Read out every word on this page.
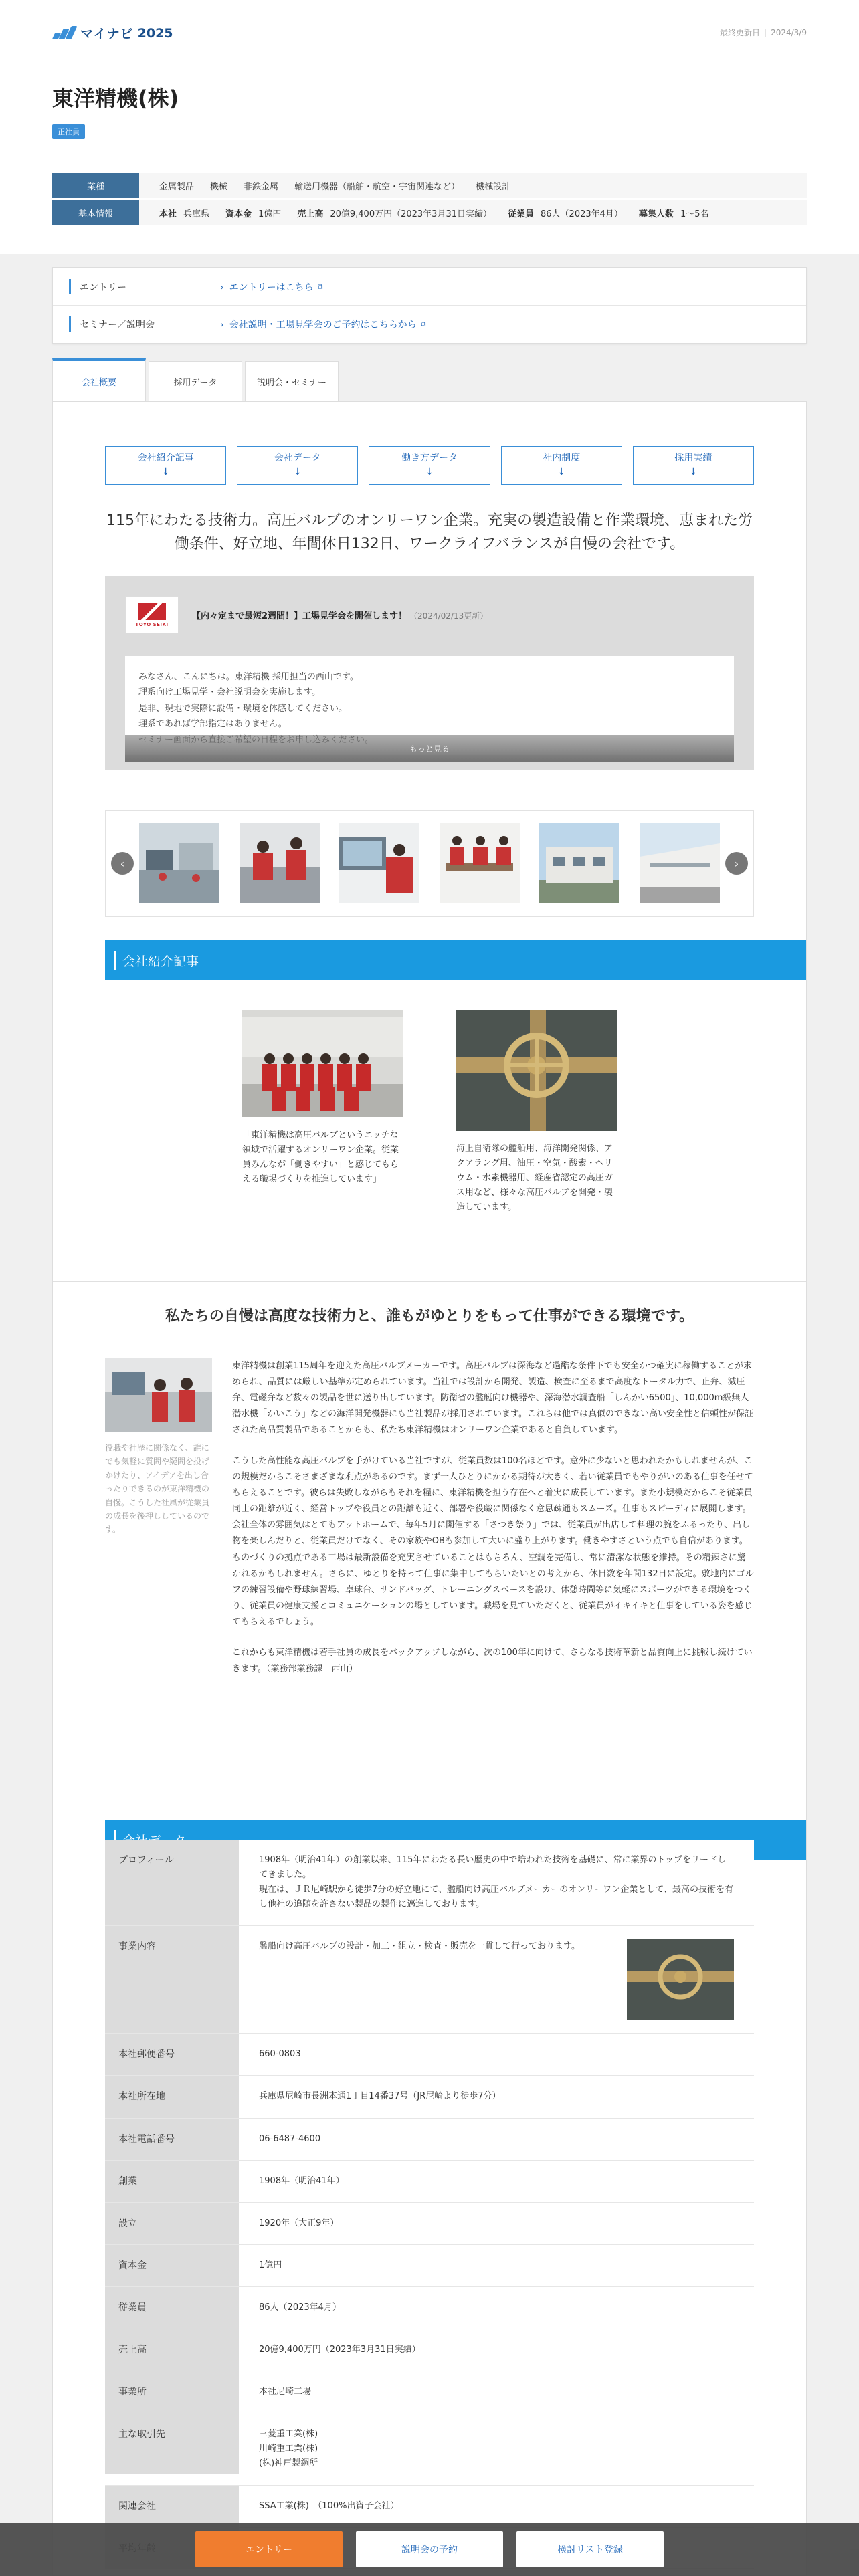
マイナビ 2025	最終更新日 | 2024/3/9
東洋精機(株)
正社員
業種	金属製品 機械 非鉄金属 輸送用機器（船舶・航空・宇宙関連など） 機械設計
基本情報	本社 兵庫県 資本金 1億円 売上高 20億9,400万円（2023年3月31日実績） 従業員 86人（2023年4月） 募集人数 1～5名
エントリー	› エントリーはこちら ⧉
セミナー／説明会	› 会社説明・工場見学会のご予約はこちらから ⧉
会社概要	採用データ	説明会・セミナー
会社紹介記事
↓
会社データ
↓
働き方データ
↓
社内制度
↓
採用実績
↓

115年にわたる技術力。高圧バルブのオンリーワン企業。充実の製造設備と作業環境、恵まれた労働条件、好立地、年間休日132日、ワークライフバランスが自慢の会社です。

TOYO SEIKI
【内々定まで最短2週間！】工場見学会を開催します！ （2024/02/13更新）
みなさん、こんにちは。東洋精機 採用担当の西山です。
理系向け工場見学・会社説明会を実施します。
是非、現地で実際に設備・環境を体感してください。
理系であれば学部指定はありません。
もっと見る
‹	›
会社紹介記事

「東洋精機は高圧バルブというニッチな領域で活躍するオンリーワン企業。従業員みんなが「働きやすい」と感じてもらえる職場づくりを推進しています」

海上自衛隊の艦船用、海洋開発関係、アクアラング用、油圧・空気・酸素・ヘリウム・水素機器用、経産省認定の高圧ガス用など、様々な高圧バルブを開発・製造しています。

私たちの自慢は高度な技術力と、誰もがゆとりをもって仕事ができる環境です。

役職や社歴に関係なく、誰にでも気軽に質問や疑問を投げかけたり、アイデアを出し合ったりできるのが東洋精機の自慢。こうした社風が従業員の成長を後押ししているのです。

東洋精機は創業115周年を迎えた高圧バルブメーカーです。高圧バルブは深海など過酷な条件下でも安全かつ確実に稼働することが求められ、品質には厳しい基準が定められています。当社では設計から開発、製造、検査に至るまで高度なトータル力で、止弁、減圧弁、電磁弁など数々の製品を世に送り出しています。防衛省の艦艇向け機器や、深海潜水調査船「しんかい6500」、10,000m級無人潜水機「かいこう」などの海洋開発機器にも当社製品が採用されています。これらは他では真似のできない高い安全性と信頼性が保証された高品質製品であることからも、私たち東洋精機はオンリーワン企業であると自負しています。

こうした高性能な高圧バルブを手がけている当社ですが、従業員数は100名ほどです。意外に少ないと思われたかもしれませんが、この規模だからこそさまざまな利点があるのです。まず一人ひとりにかかる期待が大きく、若い従業員でもやりがいのある仕事を任せてもらえることです。彼らは失敗しながらもそれを糧に、東洋精機を担う存在へと着実に成長しています。また小規模だからこそ従業員同士の距離が近く、経営トップや役員との距離も近く、部署や役職に関係なく意思疎通もスムーズ。仕事もスピーディに展開します。会社全体の雰囲気はとてもアットホームで、毎年5月に開催する「さつき祭り」では、従業員が出店して料理の腕をふるったり、出し物を楽しんだりと、従業員だけでなく、その家族やOBも参加して大いに盛り上がります。働きやすさという点でも自信があります。ものづくりの拠点である工場は最新設備を充実させていることはもちろん、空調を完備し、常に清潔な状態を維持。その精錬さに驚かれるかもしれません。さらに、ゆとりを持って仕事に集中してもらいたいとの考えから、休日数を年間132日に設定。敷地内にゴルフの練習設備や野球練習場、卓球台、サンドバッグ、トレーニングスペースを設け、休憩時間等に気軽にスポーツができる環境をつくり、従業員の健康支援とコミュニケーションの場としています。職場を見ていただくと、従業員がイキイキと仕事をしている姿を感じてもらえるでしょう。

これからも東洋精機は若手社員の成長をバックアップしながら、次の100年に向けて、さらなる技術革新と品質向上に挑戦し続けていきます。（業務部業務課　西山）

プロフィール	1908年（明治41年）の創業以来、115年にわたる長い歴史の中で培われた技術を基礎に、常に業界のトップをリードしてきました。
現在は、ＪＲ尼崎駅から徒歩7分の好立地にて、艦船向け高圧バルブメーカーのオンリーワン企業として、最高の技術を有し他社の追随を許さない製品の製作に邁進しております。
事業内容	艦船向け高圧バルブの設計・加工・組立・検査・販売を一貫して行っております。
本社郵便番号	660-0803
本社所在地	兵庫県尼崎市長洲本通1丁目14番37号（JR尼崎より徒歩7分）
本社電話番号	06-6487-4600
創業	1908年（明治41年）
設立	1920年（大正9年）
資本金	1億円
従業員	86人（2023年4月）
売上高	20億9,400万円（2023年3月31日実績）
事業所	本社尼崎工場
主な取引先	三菱重工業(株)
川崎重工業(株)
(株)神戸製鋼所
関連会社	SSA工業(株)　（100%出資子会社）
エントリー	説明会の予約	検討リスト登録
